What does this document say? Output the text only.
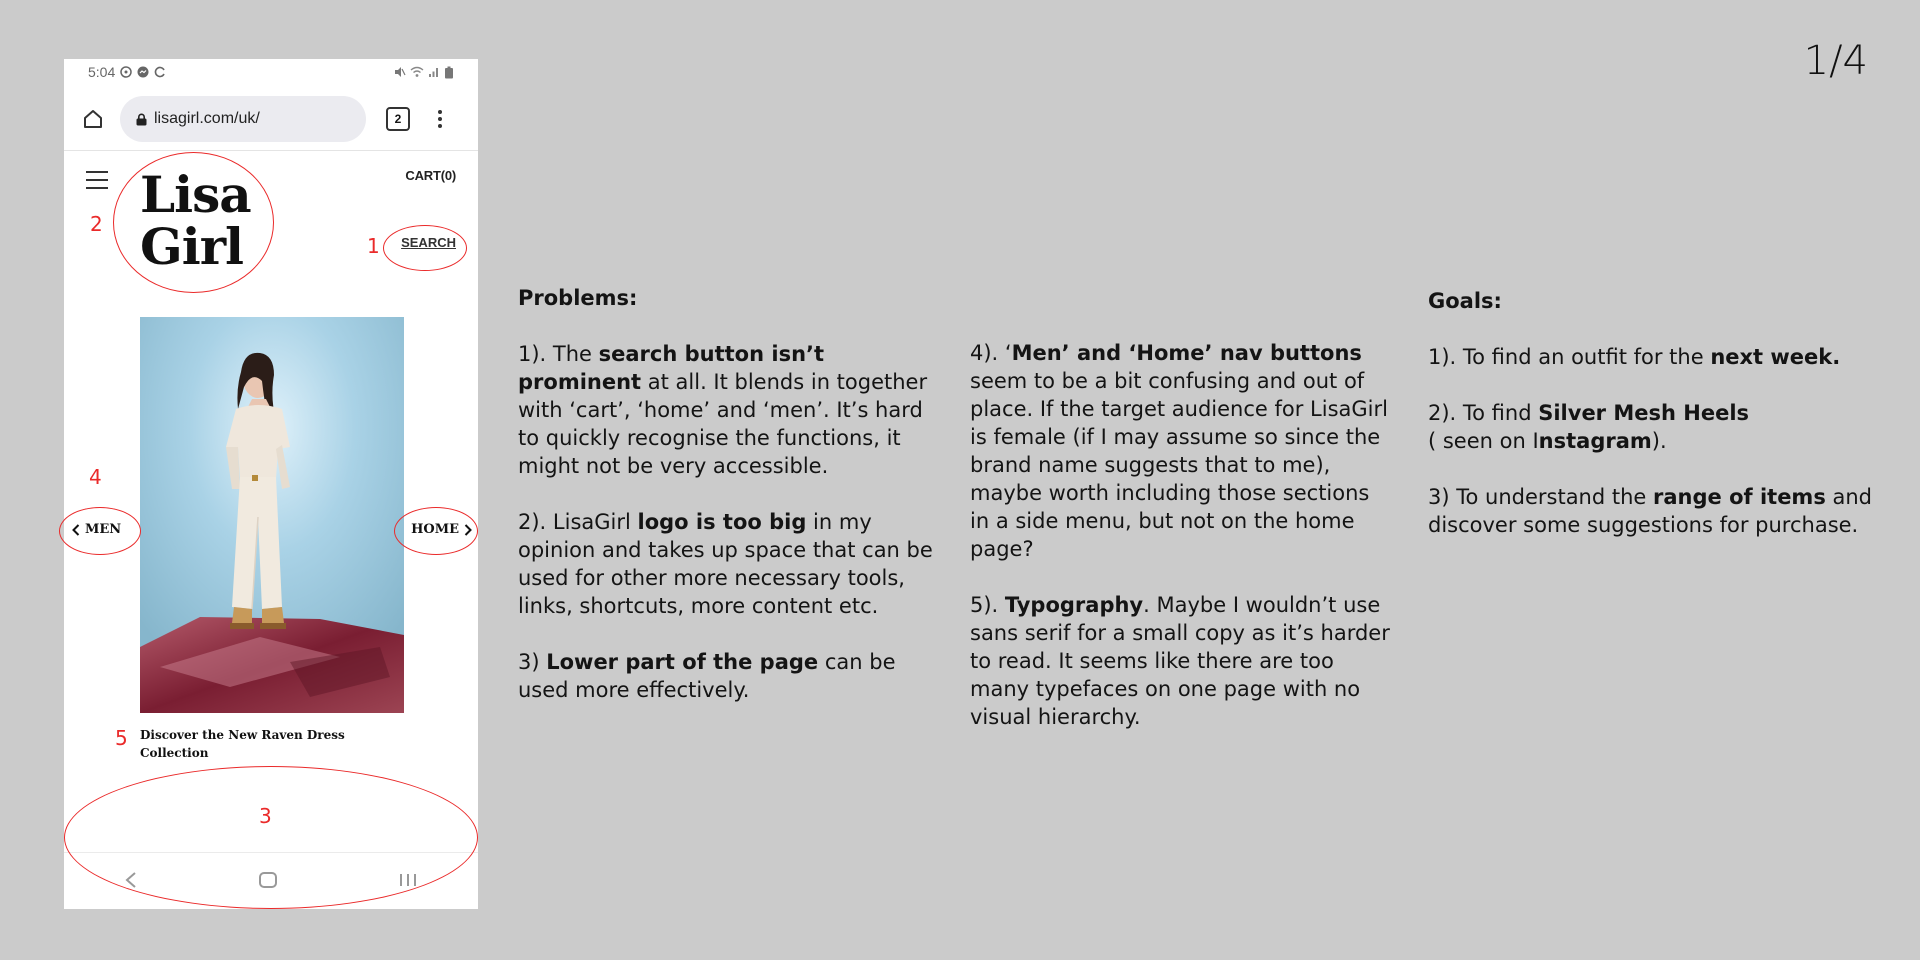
1/4
5:04
lisagirl.com/uk/	2
Lisa
Girl
CART(0)
SEARCH
MEN	HOME
Discover the New Raven Dress Collection
2
1
4
5
3
Problems:

1). The search button isn’t prominent at all. It blends in together with ‘cart’, ‘home’ and ‘men’. It’s hard to quickly recognise the functions, it might not be very accessible.

2). LisaGirl logo is too big in my opinion and takes up space that can be used for other more necessary tools, links, shortcuts, more content etc.

3) Lower part of the page can be used more effectively.

4). ‘Men’ and ‘Home’ nav buttons seem to be a bit confusing and out of place. If the target audience for LisaGirl is female (if I may assume so since the brand name suggests that to me), maybe worth including those sections in a side menu, but not on the home page?

5). Typography. Maybe I wouldn’t use sans serif for a small copy as it’s harder to read. It seems like there are too many typefaces on one page with no visual hierarchy.

Goals:

1). To find an outfit for the next week.

2). To find Silver Mesh Heels
( seen on Instagram).

3) To understand the range of items and discover some suggestions for purchase.
